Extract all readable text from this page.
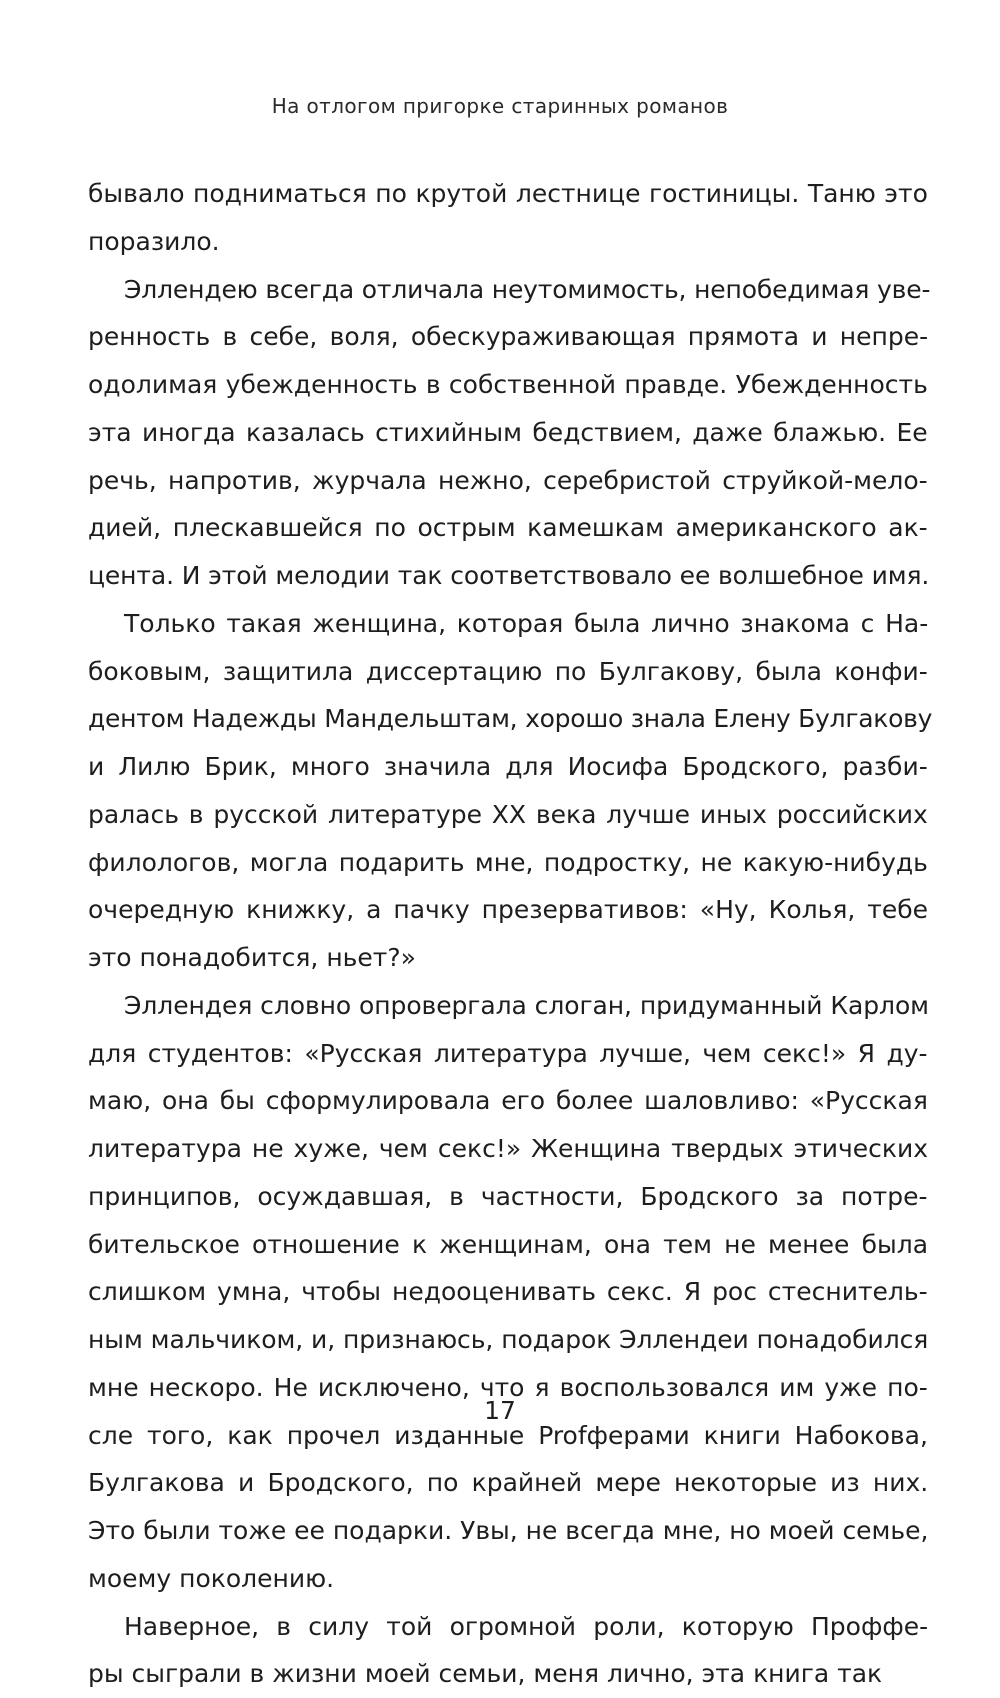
На отлогом пригорке старинных романов
бывало подниматься по крутой лестнице гостиницы. Таню это
поразило.
Эллендею всегда отличала неутомимость, непобедимая уве-
ренность в себе, воля, обескураживающая прямота и непре-
одолимая убежденность в собственной правде. Убежденность
эта иногда казалась стихийным бедствием, даже блажью. Ее
речь, напротив, журчала нежно, серебристой струйкой-мело-
дией, плескавшейся по острым камешкам американского ак-
цента. И этой мелодии так соответствовало ее волшебное имя.
Только такая женщина, которая была лично знакома с На-
боковым, защитила диссертацию по Булгакову, была конфи-
дентом Надежды Мандельштам, хорошо знала Елену Булгакову
и Лилю Брик, много значила для Иосифа Бродского, разби-
ралась в русской литературе XX века лучше иных российских
филологов, могла подарить мне, подростку, не какую-нибудь
очередную книжку, а пачку презервативов: «Ну, Колья, тебе
это понадобится, ньет?»
Эллендея словно опровергала слоган, придуманный Карлом
для студентов: «Русская литература лучше, чем секс!» Я ду-
маю, она бы сформулировала его более шаловливо: «Русская
литература не хуже, чем секс!» Женщина твердых этических
принципов, осуждавшая, в частности, Бродского за потре-
бительское отношение к женщинам, она тем не менее была
слишком умна, чтобы недооценивать секс. Я рос стеснитель-
ным мальчиком, и, признаюсь, подарок Эллендеи понадобился
мне нескоро. Не исключено, что я воспользовался им уже по-
сле того, как прочел изданные Profферами книги Набокова,
Булгакова и Бродского, по крайней мере некоторые из них.
Это были тоже ее подарки. Увы, не всегда мне, но моей семье,
моему поколению.
Наверное, в силу той огромной роли, которую Проффе-
ры сыграли в жизни моей семьи, меня лично, эта книга так
17
